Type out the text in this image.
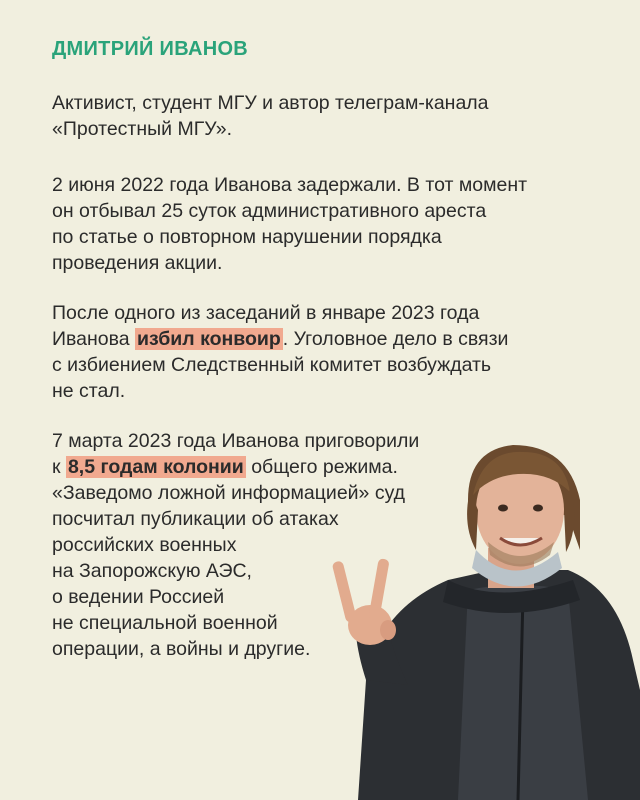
ДМИТРИЙ ИВАНОВ
Активист, студент МГУ и автор телеграм-канала
«Протестный МГУ».
2 июня 2022 года Иванова задержали. В тот момент
он отбывал 25 суток административного ареста
по статье о повторном нарушении порядка
проведения акции.
После одного из заседаний в январе 2023 года
Иванова избил конвоир . Уголовное дело в связи
с избиением Следственный комитет возбуждать
не стал.
7 марта 2023 года Иванова приговорили
к 8,5 годам колонии общего режима.
«Заведомо ложной информацией» суд
посчитал публикации об атаках
российских военных
на Запорожскую АЭС,
о ведении Россией
не специальной военной
операции, а войны и другие.
